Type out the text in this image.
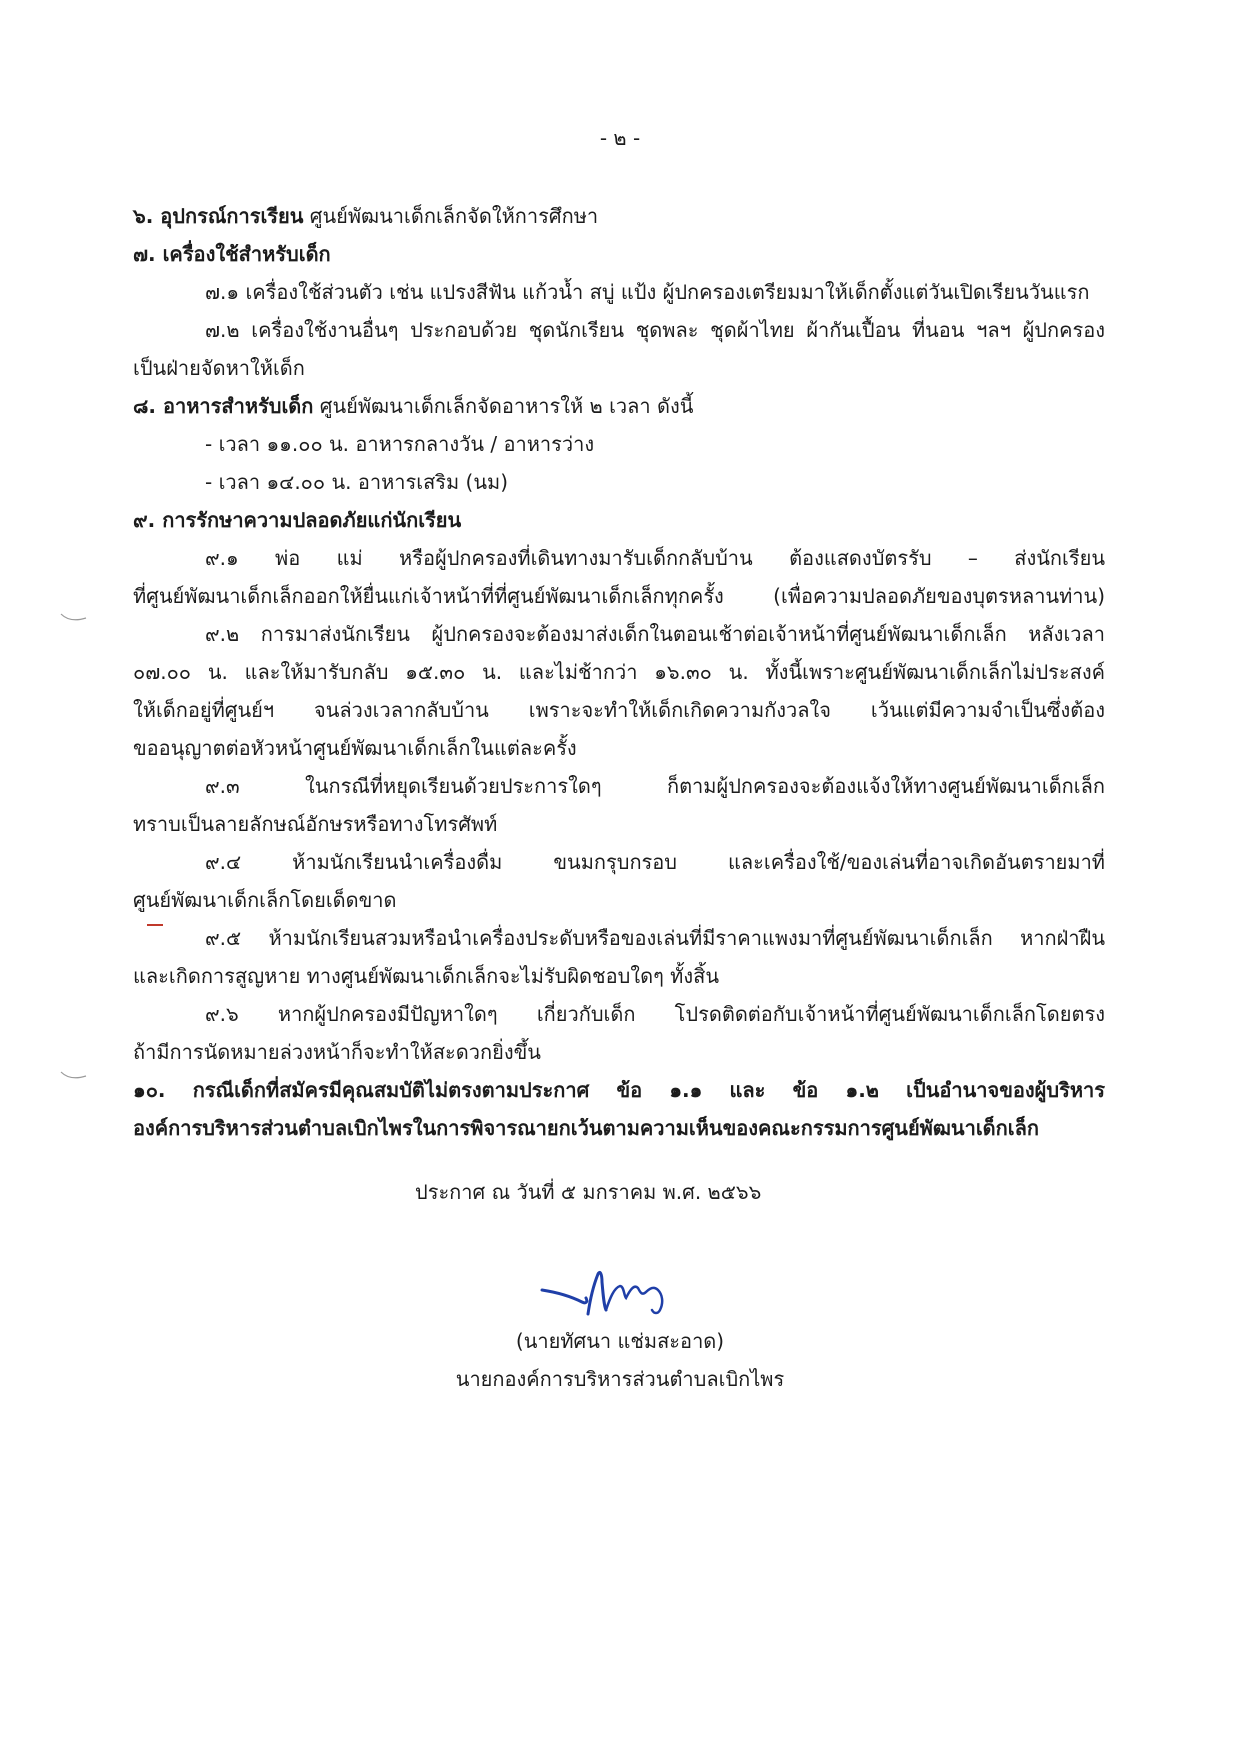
- ๒ -
๖. อุปกรณ์การเรียน ศูนย์พัฒนาเด็กเล็กจัดให้การศึกษา
๗. เครื่องใช้สำหรับเด็ก
๗.๑ เครื่องใช้ส่วนตัว เช่น แปรงสีฟัน แก้วน้ำ สบู่ แป้ง ผู้ปกครองเตรียมมาให้เด็กตั้งแต่วันเปิดเรียนวันแรก
๗.๒ เครื่องใช้งานอื่นๆ ประกอบด้วย ชุดนักเรียน ชุดพละ ชุดผ้าไทย ผ้ากันเปื้อน ที่นอน ฯลฯ ผู้ปกครอง
เป็นฝ่ายจัดหาให้เด็ก
๘. อาหารสำหรับเด็ก ศูนย์พัฒนาเด็กเล็กจัดอาหารให้ ๒ เวลา ดังนี้
- เวลา ๑๑.๐๐ น. อาหารกลางวัน / อาหารว่าง
- เวลา ๑๔.๐๐ น. อาหารเสริม (นม)
๙. การรักษาความปลอดภัยแก่นักเรียน
๙.๑ พ่อ แม่ หรือผู้ปกครองที่เดินทางมารับเด็กกลับบ้าน ต้องแสดงบัตรรับ – ส่งนักเรียน
ที่ศูนย์พัฒนาเด็กเล็กออกให้ยื่นแก่เจ้าหน้าที่ที่ศูนย์พัฒนาเด็กเล็กทุกครั้ง (เพื่อความปลอดภัยของบุตรหลานท่าน)
๙.๒ การมาส่งนักเรียน ผู้ปกครองจะต้องมาส่งเด็กในตอนเช้าต่อเจ้าหน้าที่ศูนย์พัฒนาเด็กเล็ก หลังเวลา
๐๗.๐๐ น. และให้มารับกลับ ๑๕.๓๐ น. และไม่ช้ากว่า ๑๖.๓๐ น. ทั้งนี้เพราะศูนย์พัฒนาเด็กเล็กไม่ประสงค์
ให้เด็กอยู่ที่ศูนย์ฯ จนล่วงเวลากลับบ้าน เพราะจะทำให้เด็กเกิดความกังวลใจ เว้นแต่มีความจำเป็นซึ่งต้อง
ขออนุญาตต่อหัวหน้าศูนย์พัฒนาเด็กเล็กในแต่ละครั้ง
๙.๓ ในกรณีที่หยุดเรียนด้วยประการใดๆ ก็ตามผู้ปกครองจะต้องแจ้งให้ทางศูนย์พัฒนาเด็กเล็ก
ทราบเป็นลายลักษณ์อักษรหรือทางโทรศัพท์
๙.๔ ห้ามนักเรียนนำเครื่องดื่ม ขนมกรุบกรอบ และเครื่องใช้/ของเล่นที่อาจเกิดอันตรายมาที่
ศูนย์พัฒนาเด็กเล็กโดยเด็ดขาด
๙.๕ ห้ามนักเรียนสวมหรือนำเครื่องประดับหรือของเล่นที่มีราคาแพงมาที่ศูนย์พัฒนาเด็กเล็ก หากฝ่าฝืน
และเกิดการสูญหาย ทางศูนย์พัฒนาเด็กเล็กจะไม่รับผิดชอบใดๆ ทั้งสิ้น
๙.๖ หากผู้ปกครองมีปัญหาใดๆ เกี่ยวกับเด็ก โปรดติดต่อกับเจ้าหน้าที่ศูนย์พัฒนาเด็กเล็กโดยตรง
ถ้ามีการนัดหมายล่วงหน้าก็จะทำให้สะดวกยิ่งขึ้น
๑๐. กรณีเด็กที่สมัครมีคุณสมบัติไม่ตรงตามประกาศ ข้อ ๑.๑ และ ข้อ ๑.๒ เป็นอำนาจของผู้บริหาร
องค์การบริหารส่วนตำบลเบิกไพรในการพิจารณายกเว้นตามความเห็นของคณะกรรมการศูนย์พัฒนาเด็กเล็ก
ประกาศ ณ วันที่ ๕ มกราคม พ.ศ. ๒๕๖๖
(นายทัศนา แช่มสะอาด)
นายกองค์การบริหารส่วนตำบลเบิกไพร
